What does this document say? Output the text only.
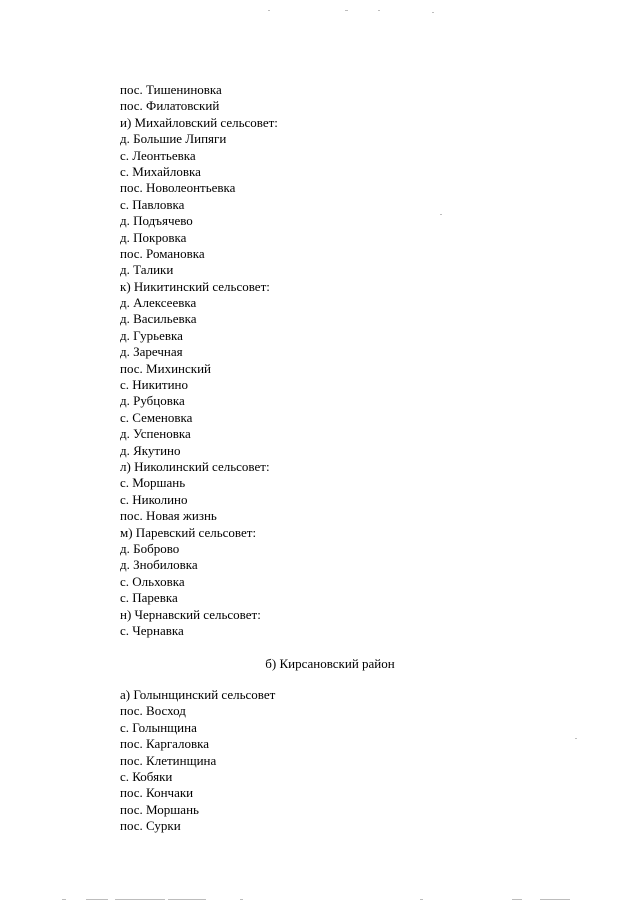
пос. Тишениновка
пос. Филатовский
и) Михайловский сельсовет:
д. Большие Липяги
с. Леонтьевка
с. Михайловка
пос. Новолеонтьевка
с. Павловка
д. Подъячево
д. Покровка
пос. Романовка
д. Талики
к) Никитинский сельсовет:
д. Алексеевка
д. Васильевка
д. Гурьевка
д. Заречная
пос. Михинский
с. Никитино
д. Рубцовка
с. Семеновка
д. Успеновка
д. Якутино
л) Николинский сельсовет:
с. Моршань
с. Николино
пос. Новая жизнь
м) Паревский сельсовет:
д. Боброво
д. Знобиловка
с. Ольховка
с. Паревка
н) Чернавский сельсовет:
с. Чернавка
б) Кирсановский район
а) Голынщинский сельсовет
пос. Восход
с. Голынщина
пос. Каргаловка
пос. Клетинщина
с. Кобяки
пос. Кончаки
пос. Моршань
пос. Сурки
